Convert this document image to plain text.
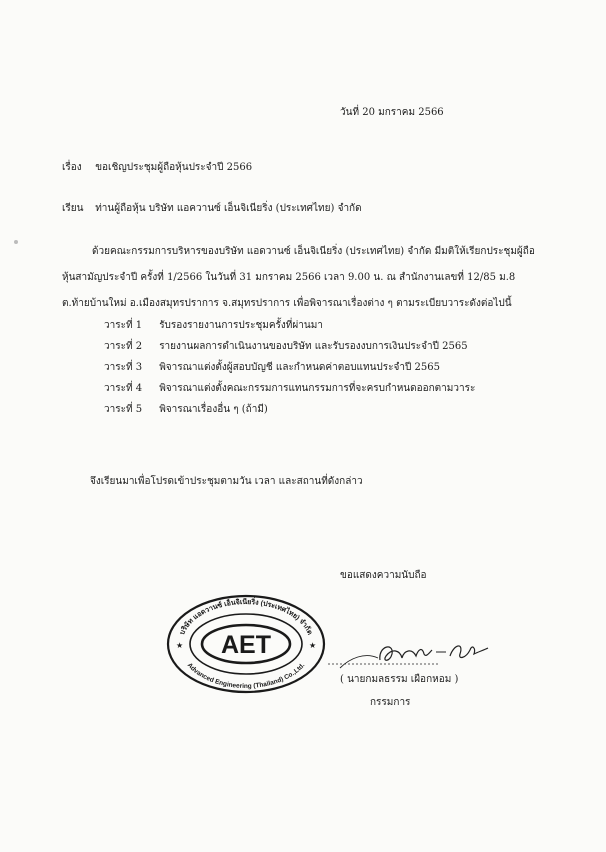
วันที่ 20 มกราคม 2566
เรื่อง ขอเชิญประชุมผู้ถือหุ้นประจำปี 2566
เรียน ท่านผู้ถือหุ้น บริษัท แอควานซ์ เอ็นจิเนียริ่ง (ประเทศไทย) จำกัด
ด้วยคณะกรรมการบริหารของบริษัท แอดวานซ์ เอ็นจิเนียริ่ง (ประเทศไทย) จำกัด มีมติให้เรียกประชุมผู้ถือ
หุ้นสามัญประจำปี ครั้งที่ 1/2566 ในวันที่ 31 มกราคม 2566 เวลา 9.00 น. ณ สำนักงานเลขที่ 12/85 ม.8
ต.ท้ายบ้านใหม่ อ.เมืองสมุทรปราการ จ.สมุทรปราการ เพื่อพิจารณาเรื่องต่าง ๆ ตามระเบียบวาระดังต่อไปนี้
วาระที่ 1 รับรองรายงานการประชุมครั้งที่ผ่านมา
วาระที่ 2 รายงานผลการดำเนินงานของบริษัท และรับรองงบการเงินประจำปี 2565
วาระที่ 3 พิจารณาแต่งตั้งผู้สอบบัญชี และกำหนดค่าตอบแทนประจำปี 2565
วาระที่ 4 พิจารณาแต่งตั้งคณะกรรมการแทนกรรมการที่จะครบกำหนดออกตามวาระ
วาระที่ 5 พิจารณาเรื่องอื่น ๆ (ถ้ามี)
จึงเรียนมาเพื่อโปรดเข้าประชุมตามวัน เวลา และสถานที่ดังกล่าว
ขอแสดงความนับถือ
AET
บริษัท แอดวานซ์ เอ็นจิเนียริ่ง (ประเทศไทย) จำกัด
Advanced Engineering (Thailand) Co.,Ltd.
★	★
( นายกมลธรรม เผือกหอม )
กรรมการ
